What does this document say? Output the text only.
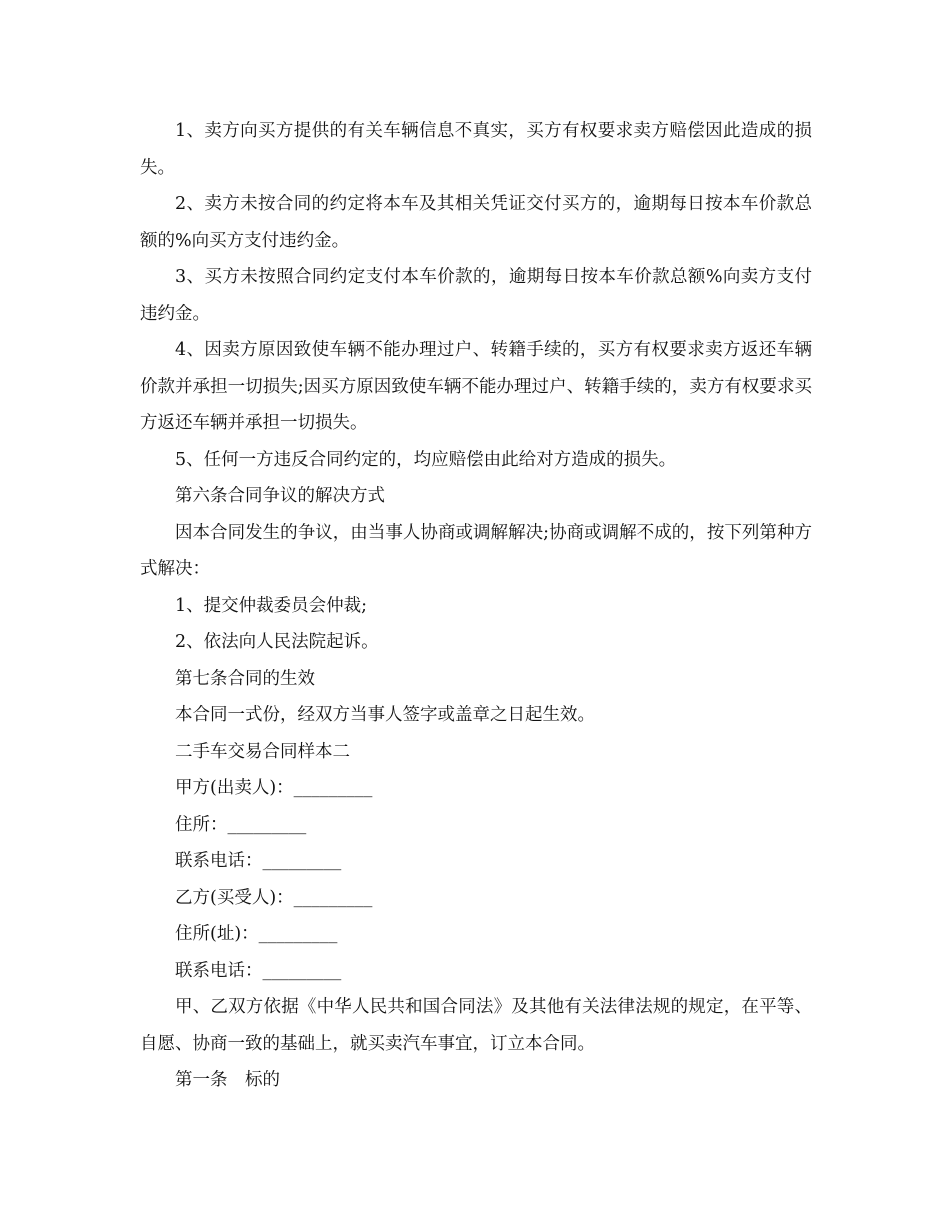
1、卖方向买方提供的有关车辆信息不真实，买方有权要求卖方赔偿因此造成的损失。

2、卖方未按合同的约定将本车及其相关凭证交付买方的，逾期每日按本车价款总额的%向买方支付违约金。

3、买方未按照合同约定支付本车价款的，逾期每日按本车价款总额%向卖方支付违约金。

4、因卖方原因致使车辆不能办理过户、转籍手续的，买方有权要求卖方返还车辆价款并承担一切损失;因买方原因致使车辆不能办理过户、转籍手续的，卖方有权要求买方返还车辆并承担一切损失。

5、任何一方违反合同约定的，均应赔偿由此给对方造成的损失。

第六条合同争议的解决方式

因本合同发生的争议，由当事人协商或调解解决;协商或调解不成的，按下列第种方式解决：

1、提交仲裁委员会仲裁;

2、依法向人民法院起诉。

第七条合同的生效

本合同一式份，经双方当事人签字或盖章之日起生效。

二手车交易合同样本二

甲方(出卖人)：_________

住所：_________

联系电话：_________

乙方(买受人)：_________

住所(址)：_________

联系电话：_________

甲、乙双方依据《中华人民共和国合同法》及其他有关法律法规的规定，在平等、自愿、协商一致的基础上，就买卖汽车事宜，订立本合同。

第一条　标的
